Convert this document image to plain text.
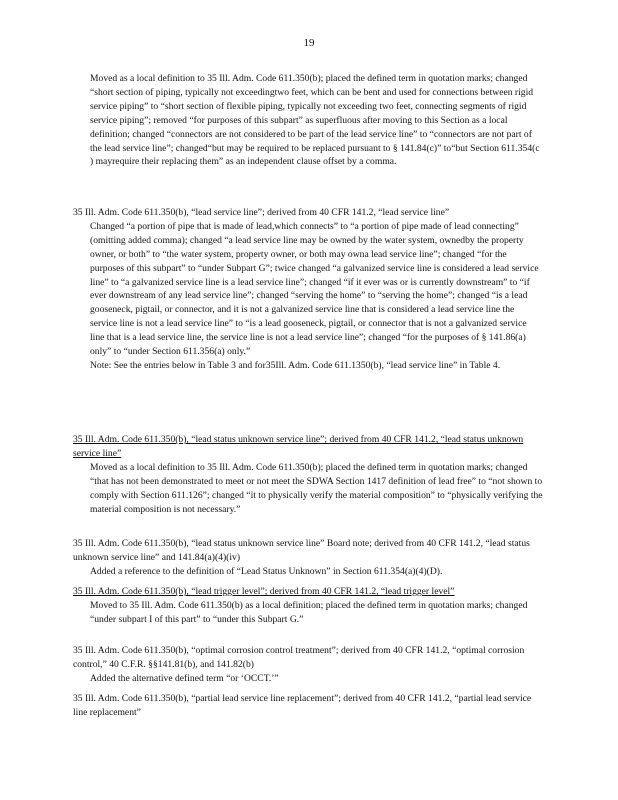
19

Moved as a local definition to 35 Ill. Adm. Code 611.350(b); placed the defined term in quotation marks; changed “short section of piping, typically not exceedingtwo feet, which can be bent and used for connections between rigid service piping” to “short section of flexible piping, typically not exceeding two feet, connecting segments of rigid service piping”; removed “for purposes of this subpart” as superfluous after moving to this Section as a local definition; changed “connectors are not considered to be part of the lead service line” to “connectors are not part of the lead service line”; changed“but may be required to be replaced pursuant to § 141.84(c)” to“but Section 611.354(c ) mayrequire their replacing them” as an independent clause offset by a comma.

35 Ill. Adm. Code 611.350(b), “lead service line”; derived from 40 CFR 141.2, “lead service line”

Changed “a portion of pipe that is made of lead,which connects” to “a portion of pipe made of lead connecting” (omitting added comma); changed “a lead service line may be owned by the water system, ownedby the property owner, or both” to “the water system, property owner, or both may owna lead service line”; changed “for the purposes of this subpart” to “under Subpart G”; twice changed “a galvanized service line is considered a lead service line” to “a galvanized service line is a lead service line”; changed “if it ever was or is currently downstream” to “if ever downstream of any lead service line”; changed “serving the home” to “serving the home”; changed “is a lead gooseneck, pigtail, or connector, and it is not a galvanized service line that is considered a lead service line the service line is not a lead service line” to “is a lead gooseneck, pigtail, or connector that is not a galvanized service line that is a lead service line, the service line is not a lead service line”; changed “for the purposes of § 141.86(a) only” to “under Section 611.356(a) only.”

Note: See the entries below in Table 3 and for35Ill. Adm. Code 611.1350(b), “lead service line” in Table 4.

35 Ill. Adm. Code 611.350(b), “lead status unknown service line”; derived from 40 CFR 141.2, “lead status unknown service line”

Moved as a local definition to 35 Ill. Adm. Code 611.350(b); placed the defined term in quotation marks; changed “that has not been demonstrated to meet or not meet the SDWA Section 1417 definition of lead free” to “not shown to comply with Section 611.126”; changed “it to physically verify the material composition” to “physically verifying the material composition is not necessary.”

35 Ill. Adm. Code 611.350(b), “lead status unknown service line” Board note; derived from 40 CFR 141.2, “lead status unknown service line” and 141.84(a)(4)(iv)

Added a reference to the definition of “Lead Status Unknown” in Section 611.354(a)(4)(D).

35 Ill. Adm. Code 611.350(b), “lead trigger level”; derived from 40 CFR 141.2, “lead trigger level”

Moved to 35 Ill. Adm. Code 611.350(b) as a local definition; placed the defined term in quotation marks; changed “under subpart I of this part” to “under this Subpart G.”

35 Ill. Adm. Code 611.350(b), “optimal corrosion control treatment”; derived from 40 CFR 141.2, “optimal corrosion control,” 40 C.F.R. §§141.81(b), and 141.82(b)

Added the alternative defined term “or ‘OCCT.’”

35 Ill. Adm. Code 611.350(b), “partial lead service line replacement”; derived from 40 CFR 141.2, “partial lead service line replacement”
